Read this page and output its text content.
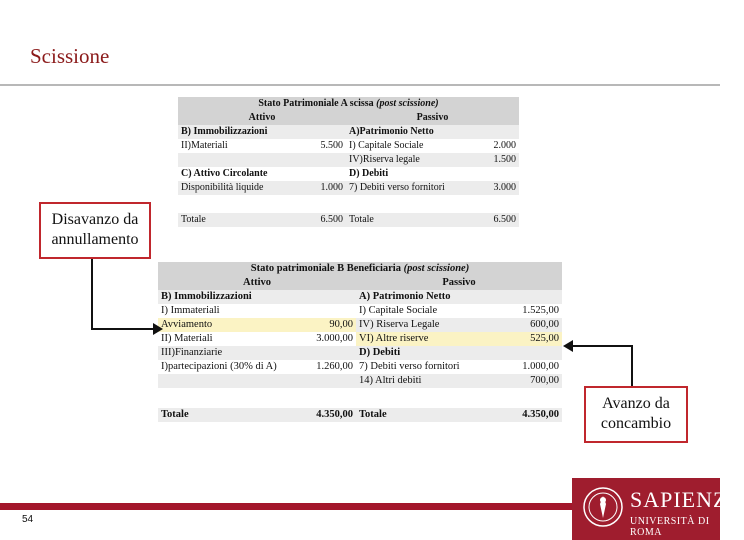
Scissione
Stato Patrimoniale A scissa (post scissione)			
Attivo		Passivo	
B) Immobilizzazioni		A)Patrimonio Netto	
II)Materiali	5.500	I) Capitale Sociale	2.000
		IV)Riserva legale	1.500
C) Attivo Circolante		D) Debiti	
Disponibilità liquide	1.000	7) Debiti verso fornitori	3.000

Totale	6.500	Totale	6.500
Stato patrimoniale B Beneficiaria (post scissione)			
Attivo		Passivo	
B) Immobilizzazioni		A) Patrimonio Netto	
I) Immateriali		I) Capitale Sociale	1.525,00
Avviamento	90,00	IV) Riserva Legale	600,00
II) Materiali	3.000,00	VI) Altre riserve	525,00
III)Finanziarie		D) Debiti	
I)partecipazioni (30% di A)	1.260,00	7) Debiti verso fornitori	1.000,00
		14) Altri debiti	700,00

Totale	4.350,00	Totale	4.350,00
Disavanzo da
annullamento
Avanzo da
concambio
54
SAPIENZA
UNIVERSITÀ DI ROMA
